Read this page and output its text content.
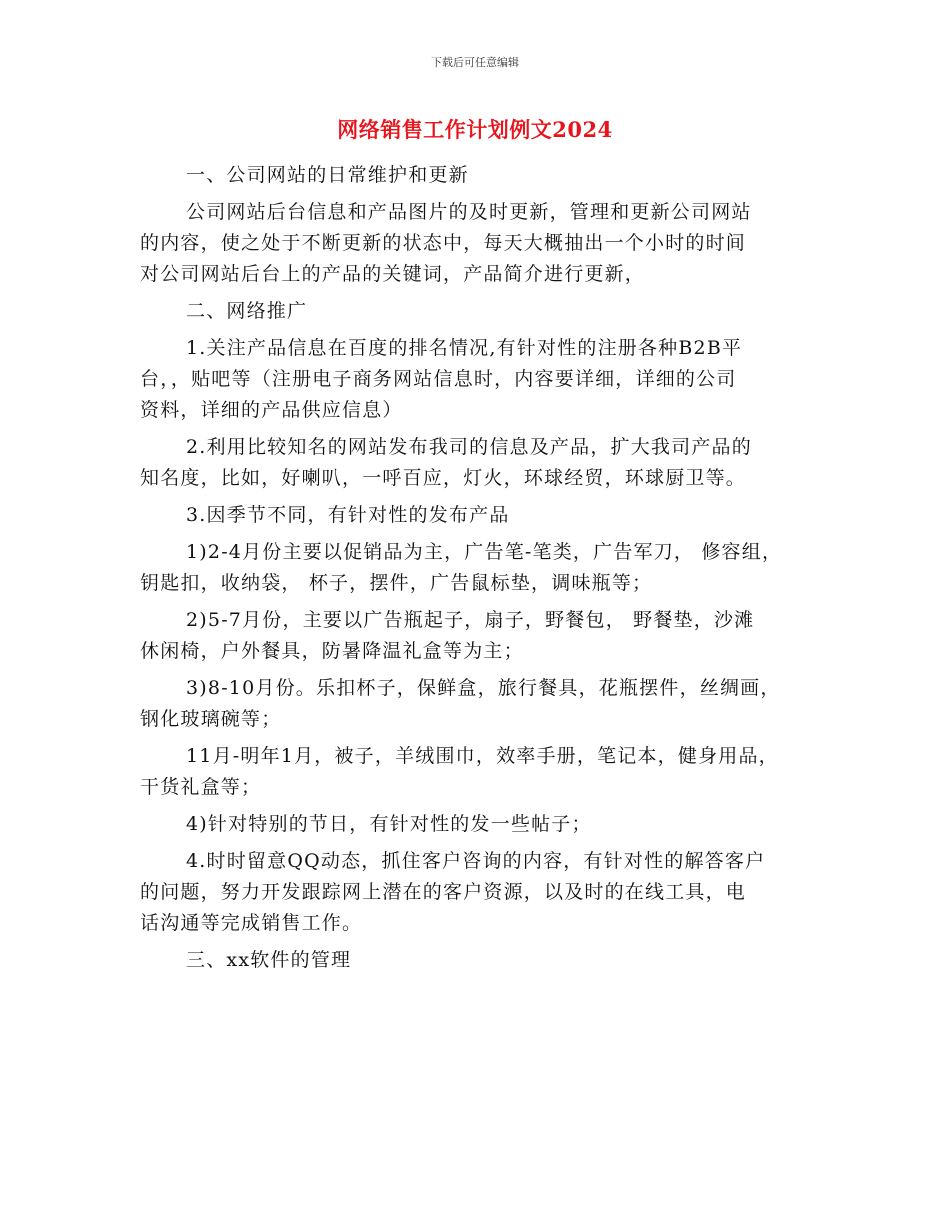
下载后可任意编辑
网络销售工作计划例文2024
一、公司网站的日常维护和更新
公司网站后台信息和产品图片的及时更新，管理和更新公司网站
的内容，使之处于不断更新的状态中，每天大概抽出一个小时的时间
对公司网站后台上的产品的关键词，产品简介进行更新，
二、网络推广
1.关注产品信息在百度的排名情况,有针对性的注册各种B2B平
台，，贴吧等（注册电子商务网站信息时，内容要详细，详细的公司
资料，详细的产品供应信息）
2.利用比较知名的网站发布我司的信息及产品，扩大我司产品的
知名度，比如，好喇叭，一呼百应，灯火，环球经贸，环球厨卫等。
3.因季节不同，有针对性的发布产品
1)2-4月份主要以促销品为主，广告笔-笔类，广告军刀， 修容组，
钥匙扣，收纳袋， 杯子，摆件，广告鼠标垫，调味瓶等；
2)5-7月份，主要以广告瓶起子，扇子，野餐包， 野餐垫，沙滩
休闲椅，户外餐具，防暑降温礼盒等为主；
3)8-10月份。乐扣杯子，保鲜盒，旅行餐具，花瓶摆件，丝绸画，
钢化玻璃碗等；
11月-明年1月，被子，羊绒围巾，效率手册，笔记本，健身用品，
干货礼盒等；
4)针对特别的节日，有针对性的发一些帖子；
4.时时留意QQ动态，抓住客户咨询的内容，有针对性的解答客户
的问题，努力开发跟踪网上潜在的客户资源，以及时的在线工具，电
话沟通等完成销售工作。
三、xx软件的管理
